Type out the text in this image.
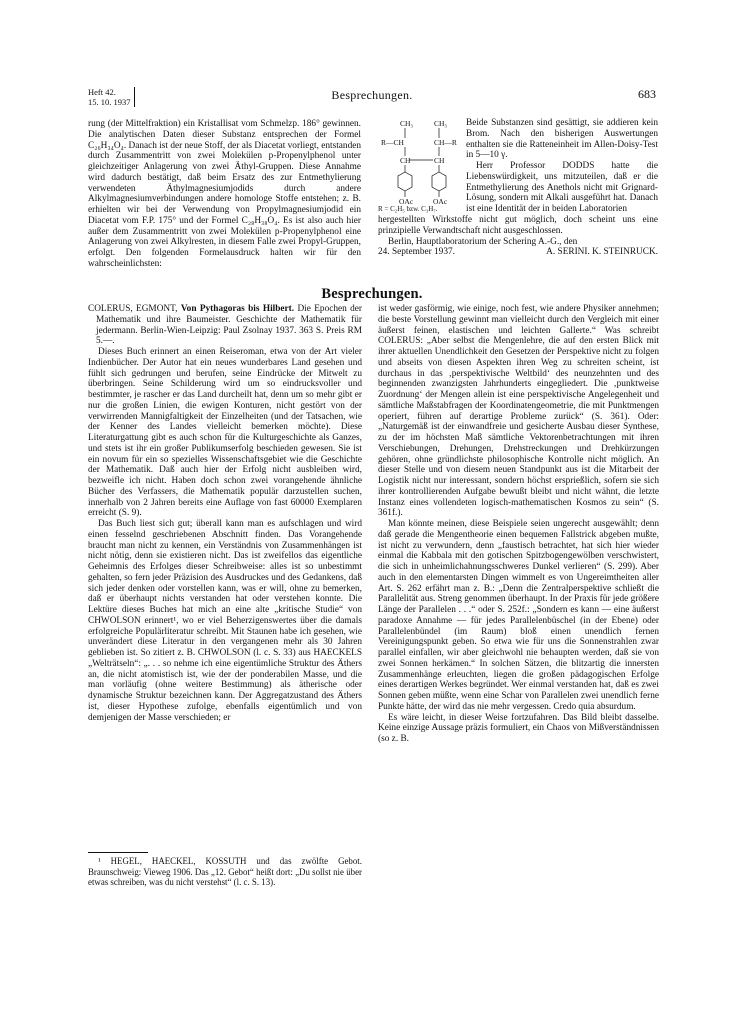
Heft 42.
15. 10. 1937	Besprechungen.	683

rung (der Mittelfraktion) ein Kristallisat vom Schmelzp. 186° gewinnen. Die analytischen Daten dieser Substanz entsprechen der Formel C₂₆H₃₄O₄. Danach ist der neue Stoff, der als Diacetat vorliegt, entstanden durch Zusammentritt von zwei Molekülen p-Propenylphenol unter gleichzeitiger Anlagerung von zwei Äthyl-Gruppen. Diese Annahme wird dadurch bestätigt, daß beim Ersatz des zur Entmethylierung verwendeten Äthylmagnesiumjodids durch andere Alkylmagnesiumverbindungen andere homologe Stoffe entstehen; z. B. erhielten wir bei der Verwendung von Propylmagnesiumjodid ein Diacetat vom F.P. 175° und der Formel C₂₈H₃₈O₄. Es ist also auch hier außer dem Zusammentritt von zwei Molekülen p-Propenylphenol eine Anlagerung von zwei Alkylresten, in diesem Falle zwei Propyl-Gruppen, erfolgt. Den folgenden Formelausdruck halten wir für den wahrscheinlichsten:

CH₃	CH₃
R—CH	CH—R
CH	CH
OAc	OAc
R = C₂H₅ bzw. C₃H₇.

Beide Substanzen sind gesättigt, sie addieren kein Brom. Nach den bisherigen Auswertungen enthalten sie die Ratteneinheit im Allen-Doisy-Test in 5—10 γ.

Herr Professor DODDS hatte die Liebenswürdigkeit, uns mitzuteilen, daß er die Entmethylierung des Anethols nicht mit Grignard-Lösung, sondern mit Alkali ausgeführt hat. Danach ist eine Identität der in beiden Laboratorien

hergestellten Wirkstoffe nicht gut möglich, doch scheint uns eine prinzipielle Verwandtschaft nicht ausgeschlossen.

Berlin, Hauptlaboratorium der Schering A.-G., den

24. September 1937.	A. SERINI. K. STEINRUCK.
Besprechungen.

COLERUS, EGMONT, Von Pythagoras bis Hilbert. Die Epochen der Mathematik und ihre Baumeister. Geschichte der Mathematik für jedermann. Berlin-Wien-Leipzig: Paul Zsolnay 1937. 363 S. Preis RM 5.—.

Dieses Buch erinnert an einen Reiseroman, etwa von der Art vieler Indienbücher. Der Autor hat ein neues wunderbares Land gesehen und fühlt sich gedrungen und berufen, seine Eindrücke der Mitwelt zu überbringen. Seine Schilderung wird um so eindrucksvoller und bestimmter, je rascher er das Land durcheilt hat, denn um so mehr gibt er nur die großen Linien, die ewigen Konturen, nicht gestört von der verwirrenden Mannigfaltigkeit der Einzelheiten (und der Tatsachen, wie der Kenner des Landes vielleicht bemerken möchte). Diese Literaturgattung gibt es auch schon für die Kulturgeschichte als Ganzes, und stets ist ihr ein großer Publikumserfolg beschieden gewesen. Sie ist ein novum für ein so spezielles Wissenschaftsgebiet wie die Geschichte der Mathematik. Daß auch hier der Erfolg nicht ausbleiben wird, bezweifle ich nicht. Haben doch schon zwei vorangehende ähnliche Bücher des Verfassers, die Mathematik populär darzustellen suchen, innerhalb von 2 Jahren bereits eine Auflage von fast 60000 Exemplaren erreicht (S. 9).

Das Buch liest sich gut; überall kann man es aufschlagen und wird einen fesselnd geschriebenen Abschnitt finden. Das Vorangehende braucht man nicht zu kennen, ein Verständnis von Zusammenhängen ist nicht nötig, denn sie existieren nicht. Das ist zweifellos das eigentliche Geheimnis des Erfolges dieser Schreibweise: alles ist so unbestimmt gehalten, so fern jeder Präzision des Ausdruckes und des Gedankens, daß sich jeder denken oder vorstellen kann, was er will, ohne zu bemerken, daß er überhaupt nichts verstanden hat oder verstehen konnte. Die Lektüre dieses Buches hat mich an eine alte „kritische Studie“ von CHWOLSON erinnert¹, wo er viel Beherzigenswertes über die damals erfolgreiche Populärliteratur schreibt. Mit Staunen habe ich gesehen, wie unverändert diese Literatur in den vergangenen mehr als 30 Jahren geblieben ist. So zitiert z. B. CHWOLSON (l. c. S. 33) aus HAECKELS „Welträtseln“: „. . . so nehme ich eine eigentümliche Struktur des Äthers an, die nicht atomistisch ist, wie der der ponderabilen Masse, und die man vorläufig (ohne weitere Bestimmung) als ätherische oder dynamische Struktur bezeichnen kann. Der Aggregatzustand des Äthers ist, dieser Hypothese zufolge, ebenfalls eigentümlich und von demjenigen der Masse verschieden; er

¹ HEGEL, HAECKEL, KOSSUTH und das zwölfte Gebot. Braunschweig: Vieweg 1906. Das „12. Gebot“ heißt dort: „Du sollst nie über etwas schreiben, was du nicht verstehst“ (l. c. S. 13).

ist weder gasförmig, wie einige, noch fest, wie andere Physiker annehmen; die beste Vorstellung gewinnt man vielleicht durch den Vergleich mit einer äußerst feinen, elastischen und leichten Gallerte.“ Was schreibt COLERUS: „Aber selbst die Mengenlehre, die auf den ersten Blick mit ihrer aktuellen Unendlichkeit den Gesetzen der Perspektive nicht zu folgen und abseits von diesen Aspekten ihren Weg zu schreiten scheint, ist durchaus in das ‚perspektivische Weltbild‘ des neunzehnten und des beginnenden zwanzigsten Jahrhunderts eingegliedert. Die ‚punktweise Zuordnung‘ der Mengen allein ist eine perspektivische Angelegenheit und sämtliche Maßstabfragen der Koordinatengeometrie, die mit Punktmengen operiert, führen auf derartige Probleme zurück“ (S. 361). Oder: „Naturgemäß ist der einwandfreie und gesicherte Ausbau dieser Synthese, zu der im höchsten Maß sämtliche Vektorenbetrachtungen mit ihren Verschiebungen, Drehungen, Drehstreckungen und Drehkürzungen gehören, ohne gründlichste philosophische Kontrolle nicht möglich. An dieser Stelle und von diesem neuen Standpunkt aus ist die Mitarbeit der Logistik nicht nur interessant, sondern höchst ersprießlich, sofern sie sich ihrer kontrollierenden Aufgabe bewußt bleibt und nicht wähnt, die letzte Instanz eines vollendeten logisch-mathematischen Kosmos zu sein“ (S. 361f.).

Man könnte meinen, diese Beispiele seien ungerecht ausgewählt; denn daß gerade die Mengentheorie einen bequemen Fallstrick abgeben mußte, ist nicht zu verwundern, denn „faustisch betrachtet, hat sich hier wieder einmal die Kabbala mit den gotischen Spitzbogengewölben verschwistert, die sich in unheimlichahnungsschweres Dunkel verlieren“ (S. 299). Aber auch in den elementarsten Dingen wimmelt es von Ungereimtheiten aller Art. S. 262 erfährt man z. B.: „Denn die Zentralperspektive schließt die Parallelität aus. Streng genommen überhaupt. In der Praxis für jede größere Länge der Parallelen . . .“ oder S. 252f.: „Sondern es kann — eine äußerst paradoxe Annahme — für jedes Parallelenbüschel (in der Ebene) oder Parallelenbündel (im Raum) bloß einen unendlich fernen Vereinigungspunkt geben. So etwa wie für uns die Sonnenstrahlen zwar parallel einfallen, wir aber gleichwohl nie behaupten werden, daß sie von zwei Sonnen herkämen.“ In solchen Sätzen, die blitzartig die innersten Zusammenhänge erleuchten, liegen die großen pädagogischen Erfolge eines derartigen Werkes begründet. Wer einmal verstanden hat, daß es zwei Sonnen geben müßte, wenn eine Schar von Parallelen zwei unendlich ferne Punkte hätte, der wird das nie mehr vergessen. Credo quia absurdum.

Es wäre leicht, in dieser Weise fortzufahren. Das Bild bleibt dasselbe. Keine einzige Aussage präzis formuliert, ein Chaos von Mißverständnissen (so z. B.
